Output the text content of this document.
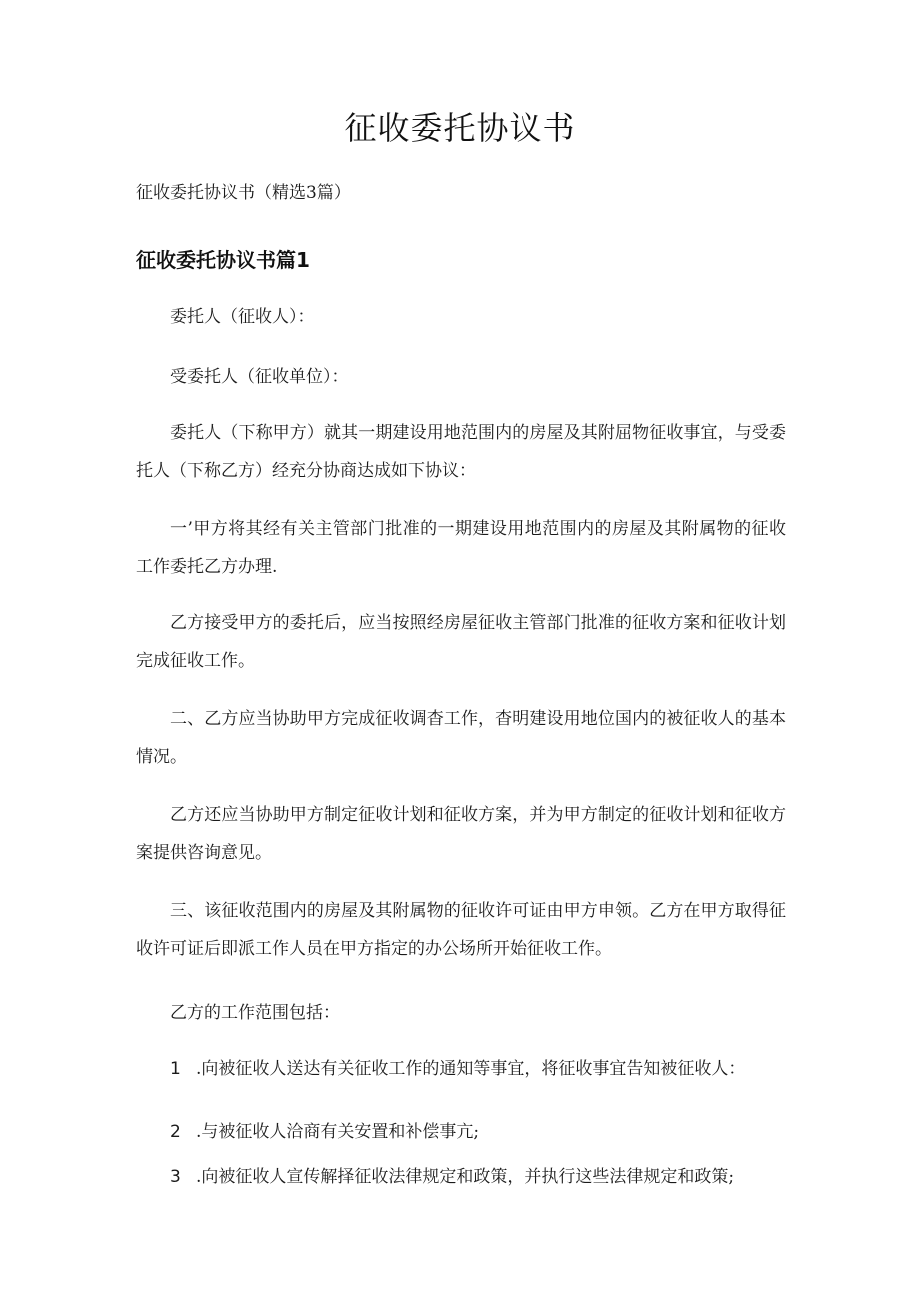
征收委托协议书
征收委托协议书（精选3篇）
征收委托协议书篇1
委托人（征收人）：
受委托人（征收单位）：
委托人（下称甲方）就其一期建设用地范围内的房屋及其附屈物征收事宜，与受委托人（下称乙方）经充分协商达成如下协议：
一’甲方将其经有关主管部门批准的一期建设用地范围内的房屋及其附属物的征收工作委托乙方办理.
乙方接受甲方的委托后，应当按照经房屋征收主管部门批准的征收方案和征收计划完成征收工作。
二、乙方应当协助甲方完成征收调杳工作，杳明建设用地位国内的被征收人的基本情况。
乙方还应当协助甲方制定征收计划和征收方案，并为甲方制定的征收计划和征收方案提供咨询意见。
三、该征收范围内的房屋及其附属物的征收许可证由甲方申领。乙方在甲方取得征收许可证后即派工作人员在甲方指定的办公场所开始征收工作。
乙方的工作范围包括：
1 .向被征收人送达有关征收工作的通知等事宜，将征收事宜告知被征收人：
2 .与被征收人洽商有关安置和补偿事亢;
3 .向被征收人宣传解择征收法律规定和政策，并执行这些法律规定和政策;
